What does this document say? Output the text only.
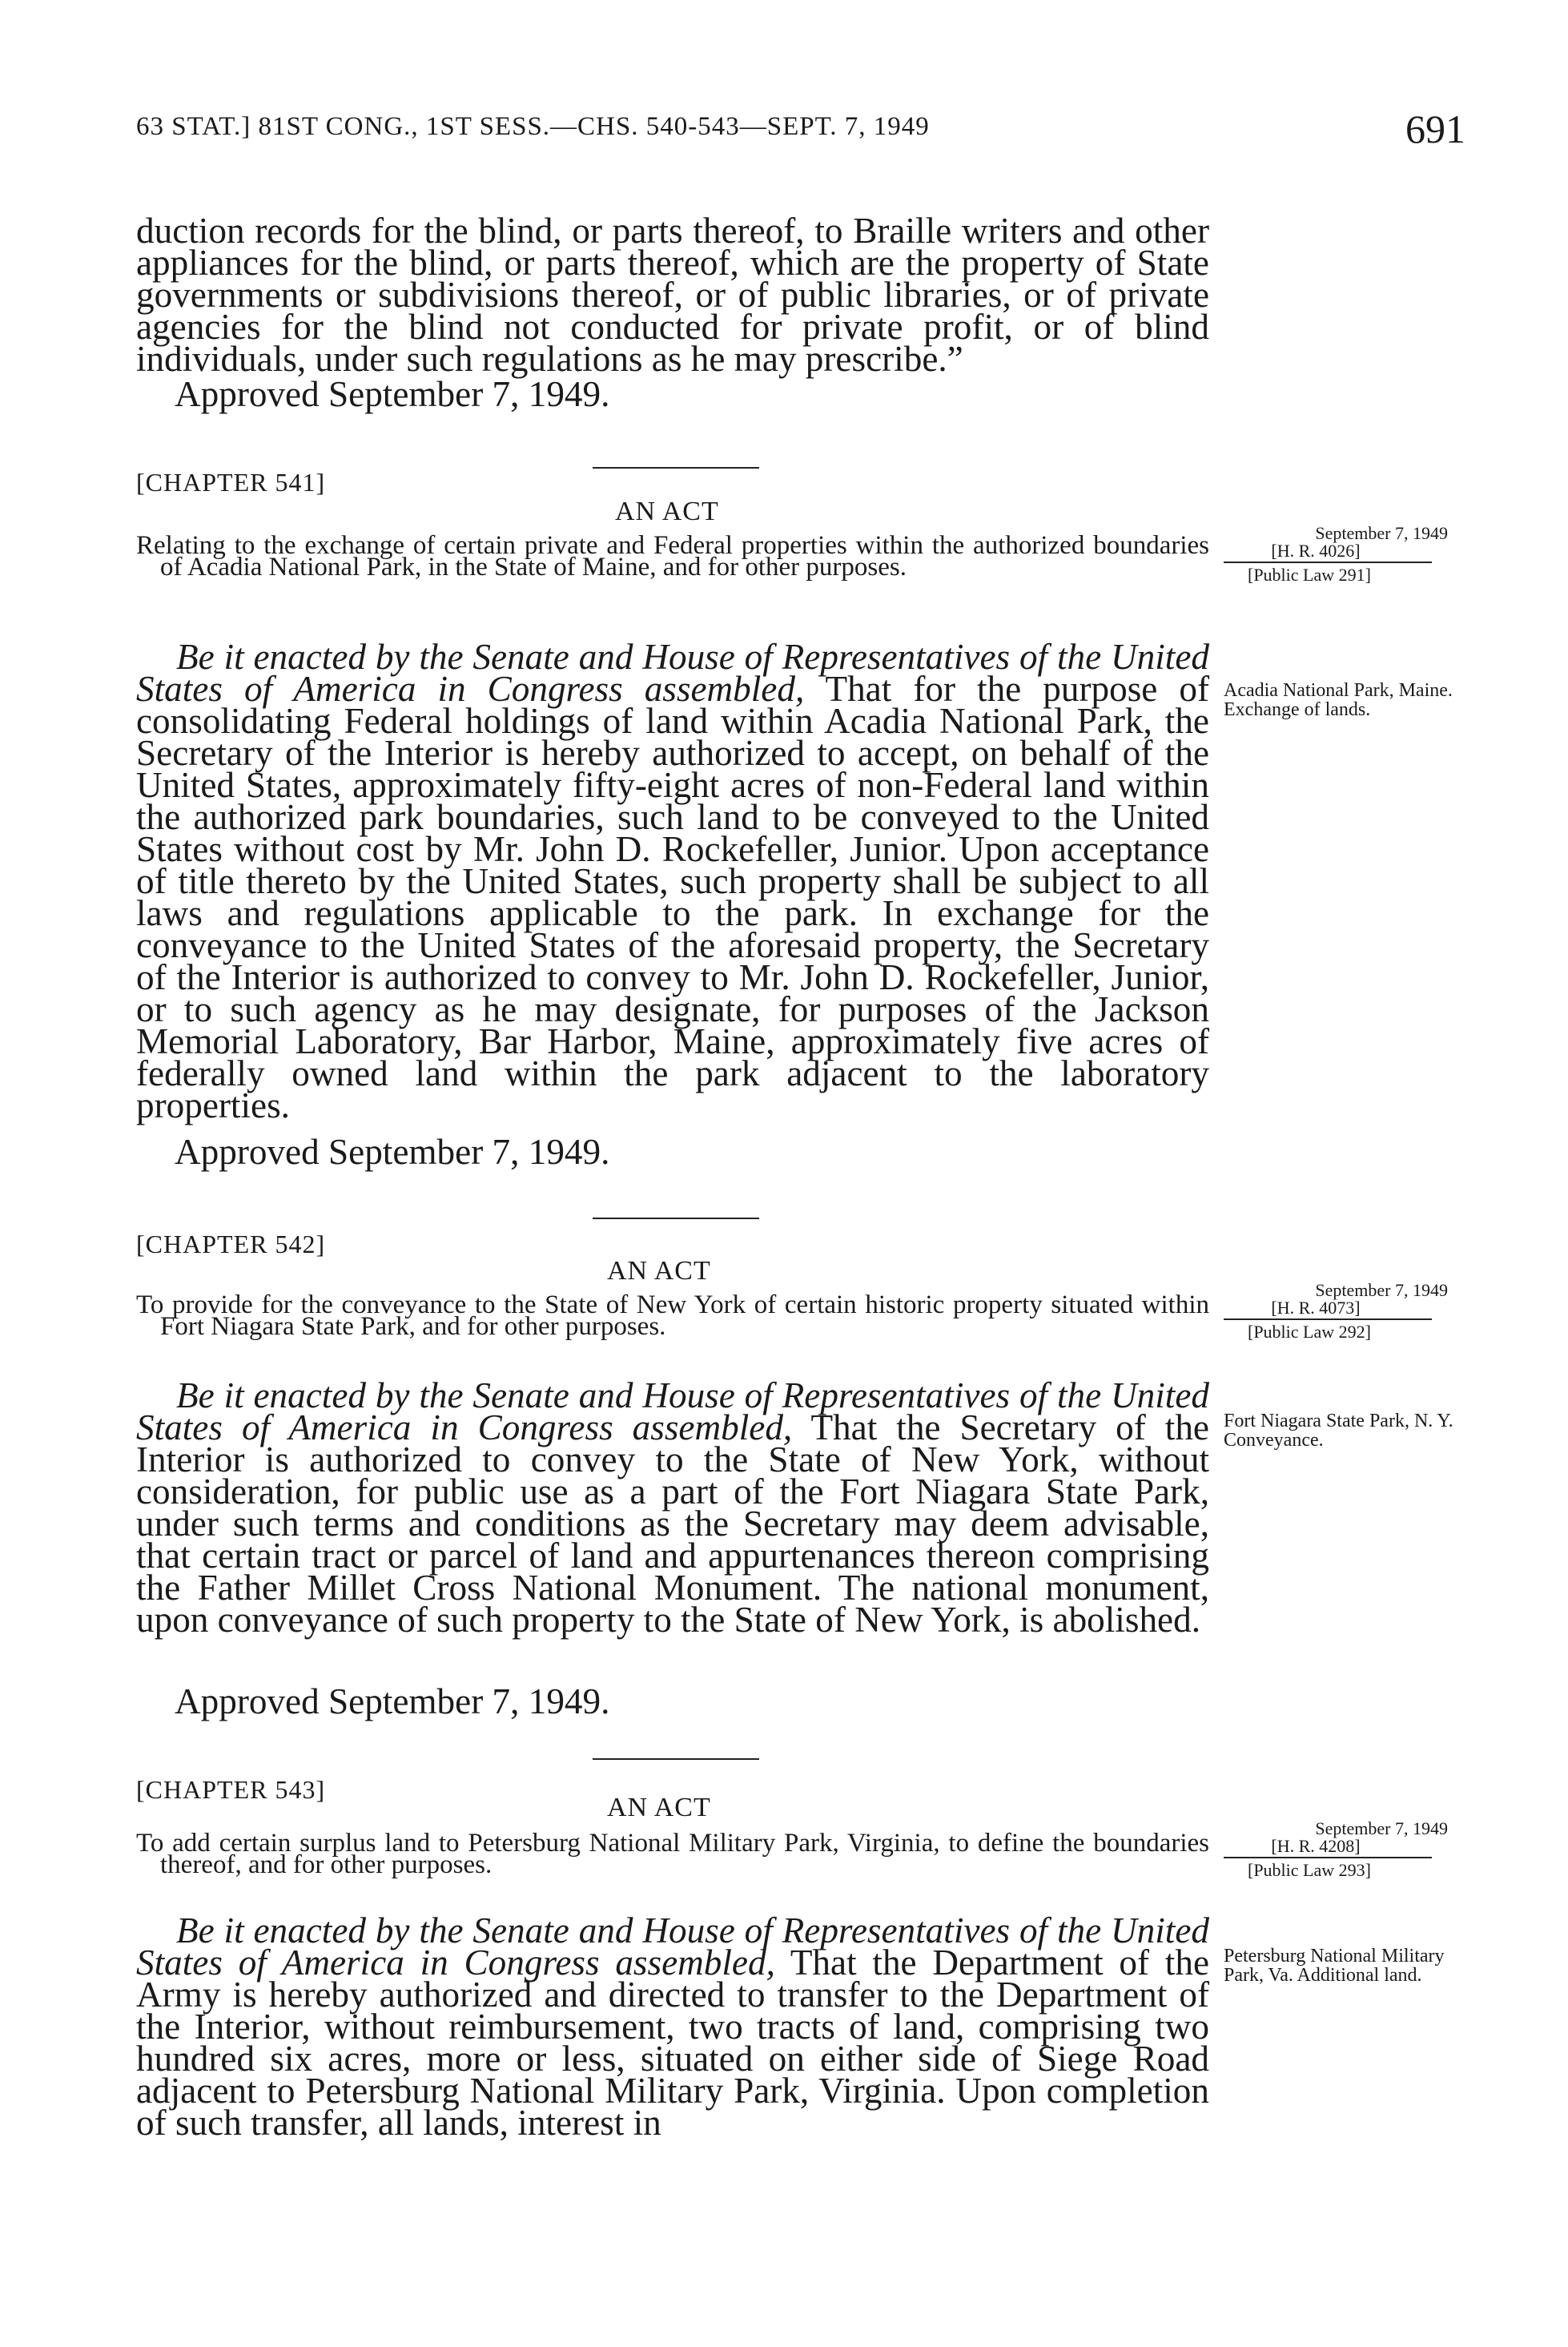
63 STAT.] 81ST CONG., 1ST SESS.—CHS. 540-543—SEPT. 7, 1949	691

duction records for the blind, or parts thereof, to Braille writers and other appliances for the blind, or parts thereof, which are the property of State governments or subdivisions thereof, or of public libraries, or of private agencies for the blind not conducted for private profit, or of blind individuals, under such regulations as he may prescribe.”

Approved September 7, 1949.
[CHAPTER 541]
AN ACT

Relating to the exchange of certain private and Federal properties within the authorized boundaries of Acadia National Park, in the State of Maine, and for other purposes.

September 7, 1949
[H. R. 4026]
[Public Law 291]

Be it enacted by the Senate and House of Representatives of the United States of America in Congress assembled, That for the purpose of consolidating Federal holdings of land within Acadia National Park, the Secretary of the Interior is hereby authorized to accept, on behalf of the United States, approximately fifty-eight acres of non-Federal land within the authorized park boundaries, such land to be conveyed to the United States without cost by Mr. John D. Rockefeller, Junior. Upon acceptance of title thereto by the United States, such property shall be subject to all laws and regulations applicable to the park. In exchange for the conveyance to the United States of the aforesaid property, the Secretary of the Interior is authorized to convey to Mr. John D. Rockefeller, Junior, or to such agency as he may designate, for purposes of the Jackson Memorial Laboratory, Bar Harbor, Maine, approximately five acres of federally owned land within the park adjacent to the laboratory properties.

Acadia National Park, Maine. Exchange of lands.
Approved September 7, 1949.
[CHAPTER 542]
AN ACT

To provide for the conveyance to the State of New York of certain historic property situated within Fort Niagara State Park, and for other purposes.

September 7, 1949
[H. R. 4073]
[Public Law 292]

Be it enacted by the Senate and House of Representatives of the United States of America in Congress assembled, That the Secretary of the Interior is authorized to convey to the State of New York, without consideration, for public use as a part of the Fort Niagara State Park, under such terms and conditions as the Secretary may deem advisable, that certain tract or parcel of land and appurtenances thereon comprising the Father Millet Cross National Monument. The national monument, upon conveyance of such property to the State of New York, is abolished.

Fort Niagara State Park, N. Y. Conveyance.
Approved September 7, 1949.
[CHAPTER 543]
AN ACT

To add certain surplus land to Petersburg National Military Park, Virginia, to define the boundaries thereof, and for other purposes.

September 7, 1949
[H. R. 4208]
[Public Law 293]

Be it enacted by the Senate and House of Representatives of the United States of America in Congress assembled, That the Department of the Army is hereby authorized and directed to transfer to the Department of the Interior, without reimbursement, two tracts of land, comprising two hundred six acres, more or less, situated on either side of Siege Road adjacent to Petersburg National Military Park, Virginia. Upon completion of such transfer, all lands, interest in

Petersburg National Military Park, Va. Additional land.
